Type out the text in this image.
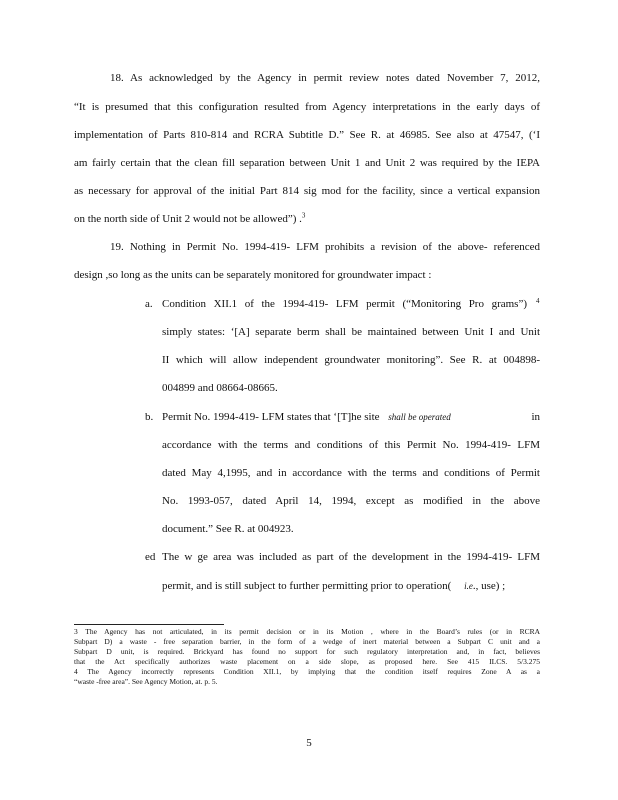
18. As acknowledged by the Agency in permit review notes dated November 7, 2012,
“It is presumed that this configuration resulted from Agency interpretations in the early days of
implementation of Parts 810-814 and RCRA Subtitle D.” See R. at 46985. See also at 47547, (‘I
am fairly certain that the clean fill separation between Unit 1 and Unit 2 was required by the IEPA
as necessary for approval of the initial Part 814 sig mod for the facility, since a vertical expansion
on the north side of Unit 2 would not be allowed”) .$^3$
19. Nothing in Permit No. 1994-419- LFM prohibits a revision of the above- referenced
design ,so long as the units can be separately monitored for groundwater impact :
a. Condition XII.1 of the 1994-419- LFM permit (“Monitoring Pro grams”) 4
simply states: ‘[A] separate berm shall be maintained between Unit I and Unit
II which will allow independent groundwater monitoring”. See R. at 004898-
004899 and 08664-08665.
b. Permit No. 1994-419- LFM states that ‘[T]he site shall be operated	in
accordance with the terms and conditions of this Permit No. 1994-419- LFM
dated May 4,1995, and in accordance with the terms and conditions of Permit
No. 1993-057, dated April 14, 1994, except as modified in the above
document.” See R. at 004923.
ed The w ge area was included as part of the development in the 1994-419- LFM
permit, and is still subject to further permitting prior to operation( i.e., use) ;
3 The Agency has not articulated, in its permit decision or in its Motion , where in the Board’s rules (or in RCRA
Subpart D) a waste - free separation barrier, in the form of a wedge of inert material between a Subpart C unit and a
Subpart D unit, is required. Brickyard has found no support for such regulatory interpretation and, in fact, believes
that the Act specifically authorizes waste placement on a side slope, as proposed here. See 415 ILCS. 5/3.275
4 The Agency incorrectly represents Condition XII.1, by implying that the condition itself requires Zone A as a
“waste -free area”. See Agency Motion, at. p. 5.
5
